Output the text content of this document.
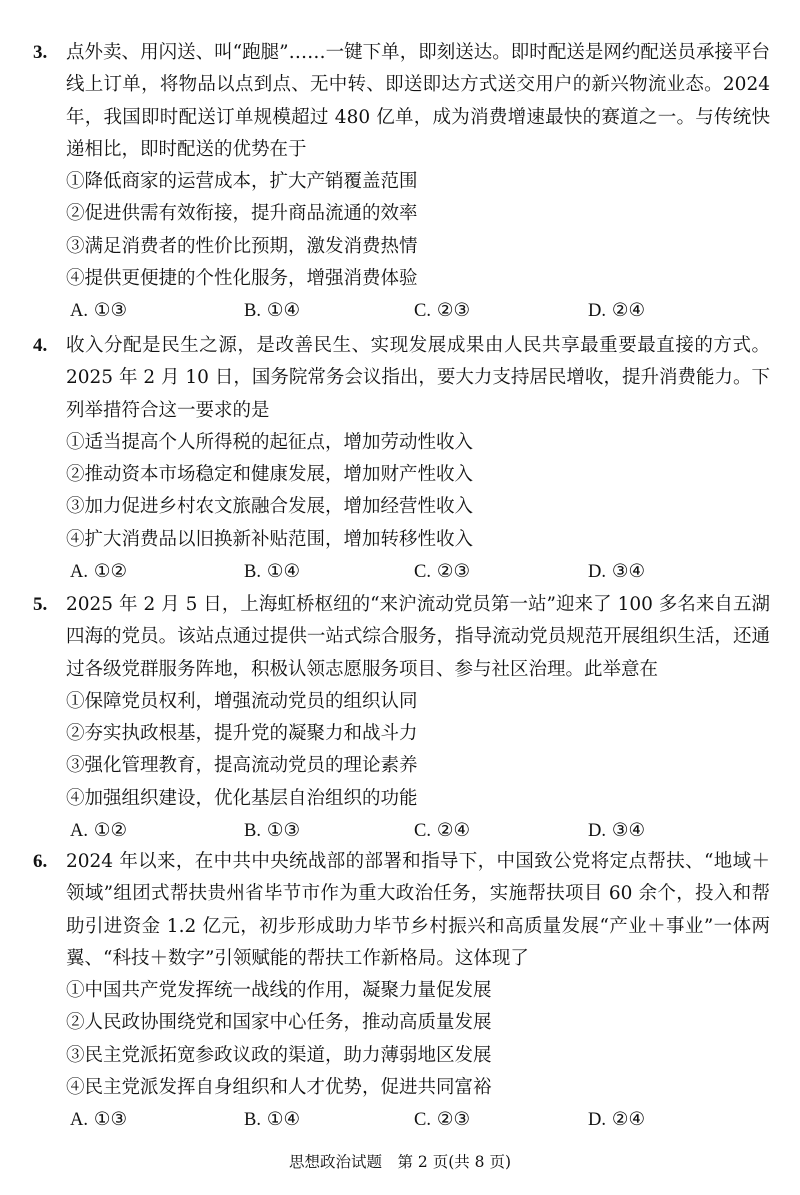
3. 点外卖、用闪送、叫“跑腿”……一键下单，即刻送达。即时配送是网约配送员承接平台线上订单，将物品以点到点、无中转、即送即达方式送交用户的新兴物流业态。2024 年，我国即时配送订单规模超过 480 亿单，成为消费增速最快的赛道之一。与传统快递相比，即时配送的优势在于
①降低商家的运营成本，扩大产销覆盖范围
②促进供需有效衔接，提升商品流通的效率
③满足消费者的性价比预期，激发消费热情
④提供更便捷的个性化服务，增强消费体验
A. ①③	B. ①④	C. ②③	D. ②④
4. 收入分配是民生之源，是改善民生、实现发展成果由人民共享最重要最直接的方式。2025 年 2 月 10 日，国务院常务会议指出，要大力支持居民增收，提升消费能力。下列举措符合这一要求的是
①适当提高个人所得税的起征点，增加劳动性收入
②推动资本市场稳定和健康发展，增加财产性收入
③加力促进乡村农文旅融合发展，增加经营性收入
④扩大消费品以旧换新补贴范围，增加转移性收入
A. ①②	B. ①④	C. ②③	D. ③④
5. 2025 年 2 月 5 日，上海虹桥枢纽的“来沪流动党员第一站”迎来了 100 多名来自五湖四海的党员。该站点通过提供一站式综合服务，指导流动党员规范开展组织生活，还通过各级党群服务阵地，积极认领志愿服务项目、参与社区治理。此举意在
①保障党员权利，增强流动党员的组织认同
②夯实执政根基，提升党的凝聚力和战斗力
③强化管理教育，提高流动党员的理论素养
④加强组织建设，优化基层自治组织的功能
A. ①②	B. ①③	C. ②④	D. ③④
6. 2024 年以来，在中共中央统战部的部署和指导下，中国致公党将定点帮扶、“地域＋领域”组团式帮扶贵州省毕节市作为重大政治任务，实施帮扶项目 60 余个，投入和帮助引进资金 1.2 亿元，初步形成助力毕节乡村振兴和高质量发展“产业＋事业”一体两翼、“科技＋数字”引领赋能的帮扶工作新格局。这体现了
①中国共产党发挥统一战线的作用，凝聚力量促发展
②人民政协围绕党和国家中心任务，推动高质量发展
③民主党派拓宽参政议政的渠道，助力薄弱地区发展
④民主党派发挥自身组织和人才优势，促进共同富裕
A. ①③	B. ①④	C. ②③	D. ②④
思想政治试题　第 2 页(共 8 页)
